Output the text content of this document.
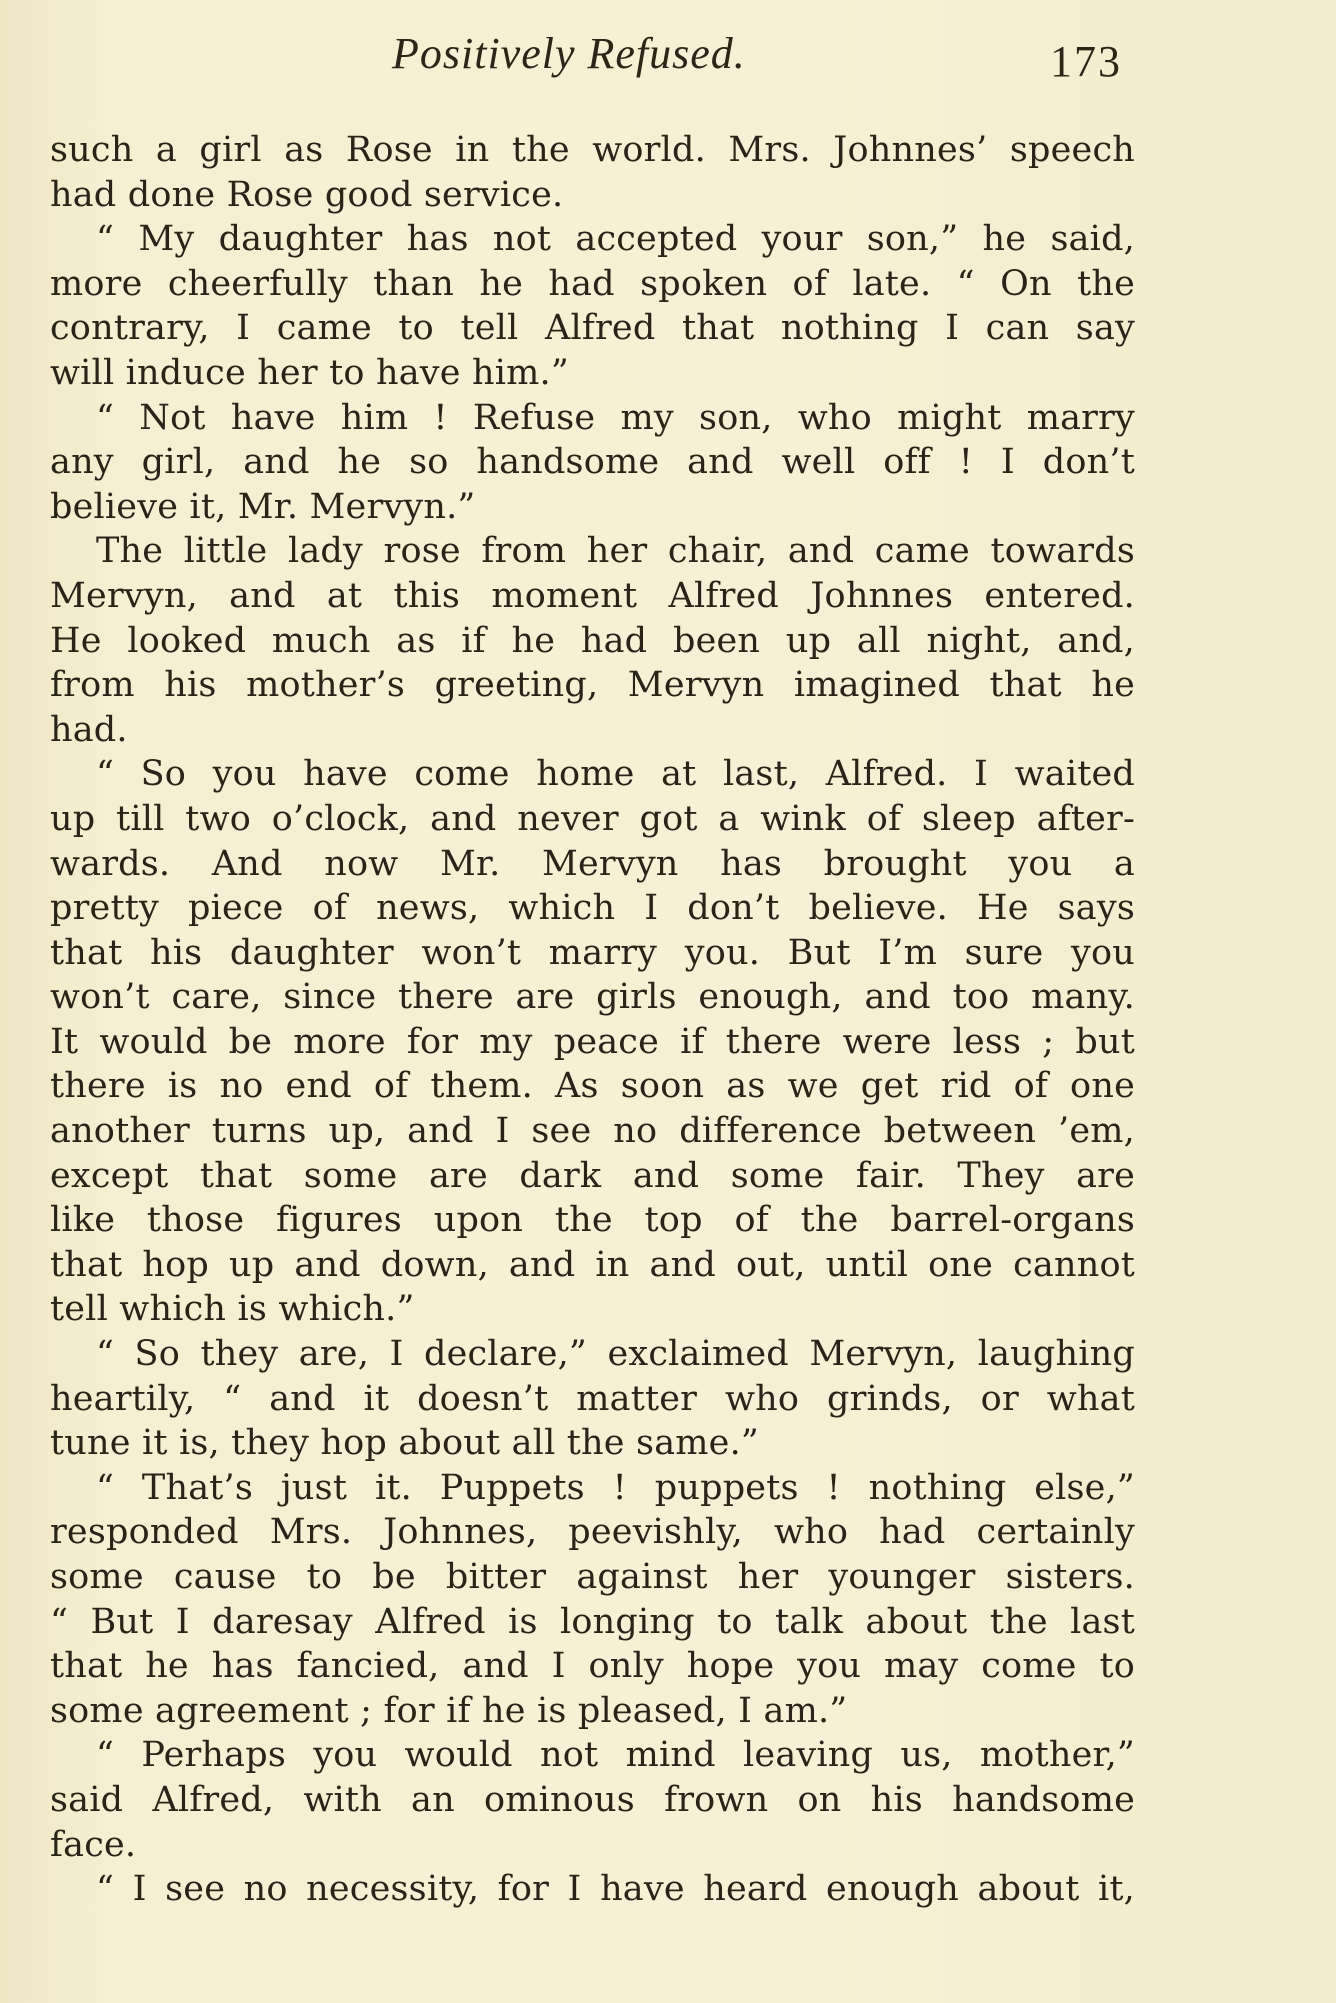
Positively Refused.	173
such a girl as Rose in the world. Mrs. Johnnes’ speech
had done Rose good service.
“ My daughter has not accepted your son,” he said,
more cheerfully than he had spoken of late. “ On the
contrary, I came to tell Alfred that nothing I can say
will induce her to have him.”
“ Not have him ! Refuse my son, who might marry
any girl, and he so handsome and well off ! I don’t
believe it, Mr. Mervyn.”
The little lady rose from her chair, and came towards
Mervyn, and at this moment Alfred Johnnes entered.
He looked much as if he had been up all night, and,
from his mother’s greeting, Mervyn imagined that he
had.
“ So you have come home at last, Alfred. I waited
up till two o’clock, and never got a wink of sleep after-
wards. And now Mr. Mervyn has brought you a
pretty piece of news, which I don’t believe. He says
that his daughter won’t marry you. But I’m sure you
won’t care, since there are girls enough, and too many.
It would be more for my peace if there were less ; but
there is no end of them. As soon as we get rid of one
another turns up, and I see no difference between ’em,
except that some are dark and some fair. They are
like those figures upon the top of the barrel-organs
that hop up and down, and in and out, until one cannot
tell which is which.”
“ So they are, I declare,” exclaimed Mervyn, laughing
heartily, “ and it doesn’t matter who grinds, or what
tune it is, they hop about all the same.”
“ That’s just it. Puppets ! puppets ! nothing else,”
responded Mrs. Johnnes, peevishly, who had certainly
some cause to be bitter against her younger sisters.
“ But I daresay Alfred is longing to talk about the last
that he has fancied, and I only hope you may come to
some agreement ; for if he is pleased, I am.”
“ Perhaps you would not mind leaving us, mother,”
said Alfred, with an ominous frown on his handsome
face.
“ I see no necessity, for I have heard enough about it,
